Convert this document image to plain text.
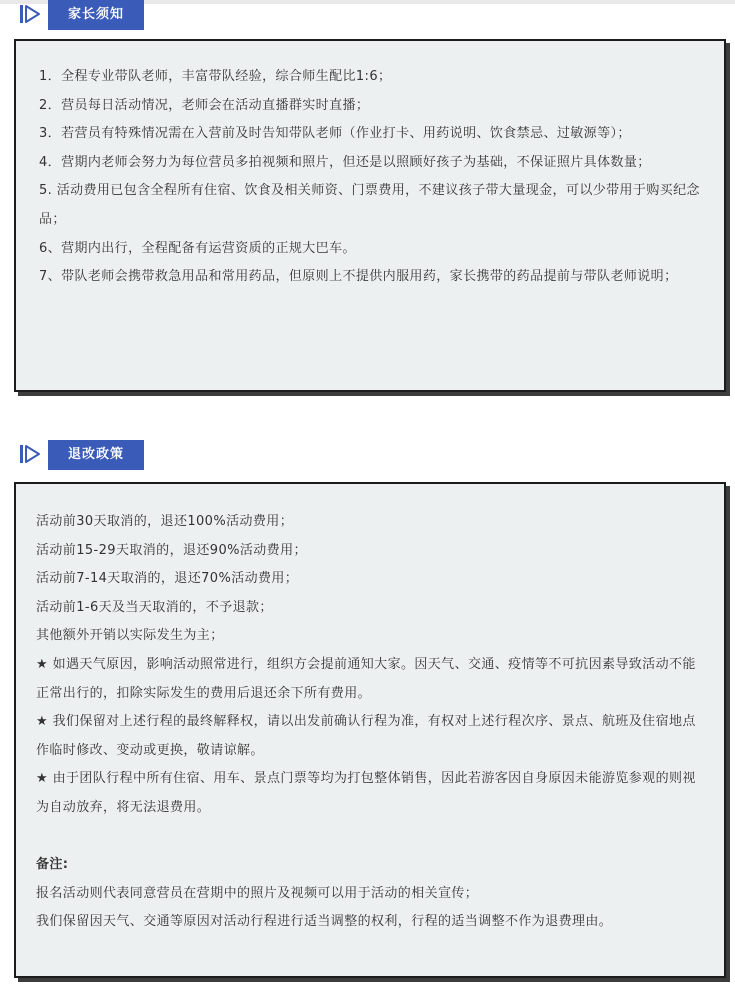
家长须知

1．全程专业带队老师，丰富带队经验，综合师生配比1:6；

2．营员每日活动情况，老师会在活动直播群实时直播；

3．若营员有特殊情况需在入营前及时告知带队老师（作业打卡、用药说明、饮食禁忌、过敏源等）；

4．营期内老师会努力为每位营员多拍视频和照片，但还是以照顾好孩子为基础，不保证照片具体数量；

5. 活动费用已包含全程所有住宿、饮食及相关师资、门票费用，不建议孩子带大量现金，可以少带用于购买纪念品；

6、营期内出行，全程配备有运营资质的正规大巴车。

7、带队老师会携带救急用品和常用药品，但原则上不提供内服用药，家长携带的药品提前与带队老师说明；

退改政策

活动前30天取消的，退还100%活动费用；

活动前15-29天取消的，退还90%活动费用；

活动前7-14天取消的，退还70%活动费用；

活动前1-6天及当天取消的，不予退款；

其他额外开销以实际发生为主；

★ 如遇天气原因，影响活动照常进行，组织方会提前通知大家。因天气、交通、疫情等不可抗因素导致活动不能正常出行的，扣除实际发生的费用后退还余下所有费用。

★ 我们保留对上述行程的最终解释权，请以出发前确认行程为准，有权对上述行程次序、景点、航班及住宿地点作临时修改、变动或更换，敬请谅解。

★ 由于团队行程中所有住宿、用车、景点门票等均为打包整体销售，因此若游客因自身原因未能游览参观的则视为自动放弃，将无法退费用。

备注:

报名活动则代表同意营员在营期中的照片及视频可以用于活动的相关宣传；

我们保留因天气、交通等原因对活动行程进行适当调整的权利，行程的适当调整不作为退费理由。
